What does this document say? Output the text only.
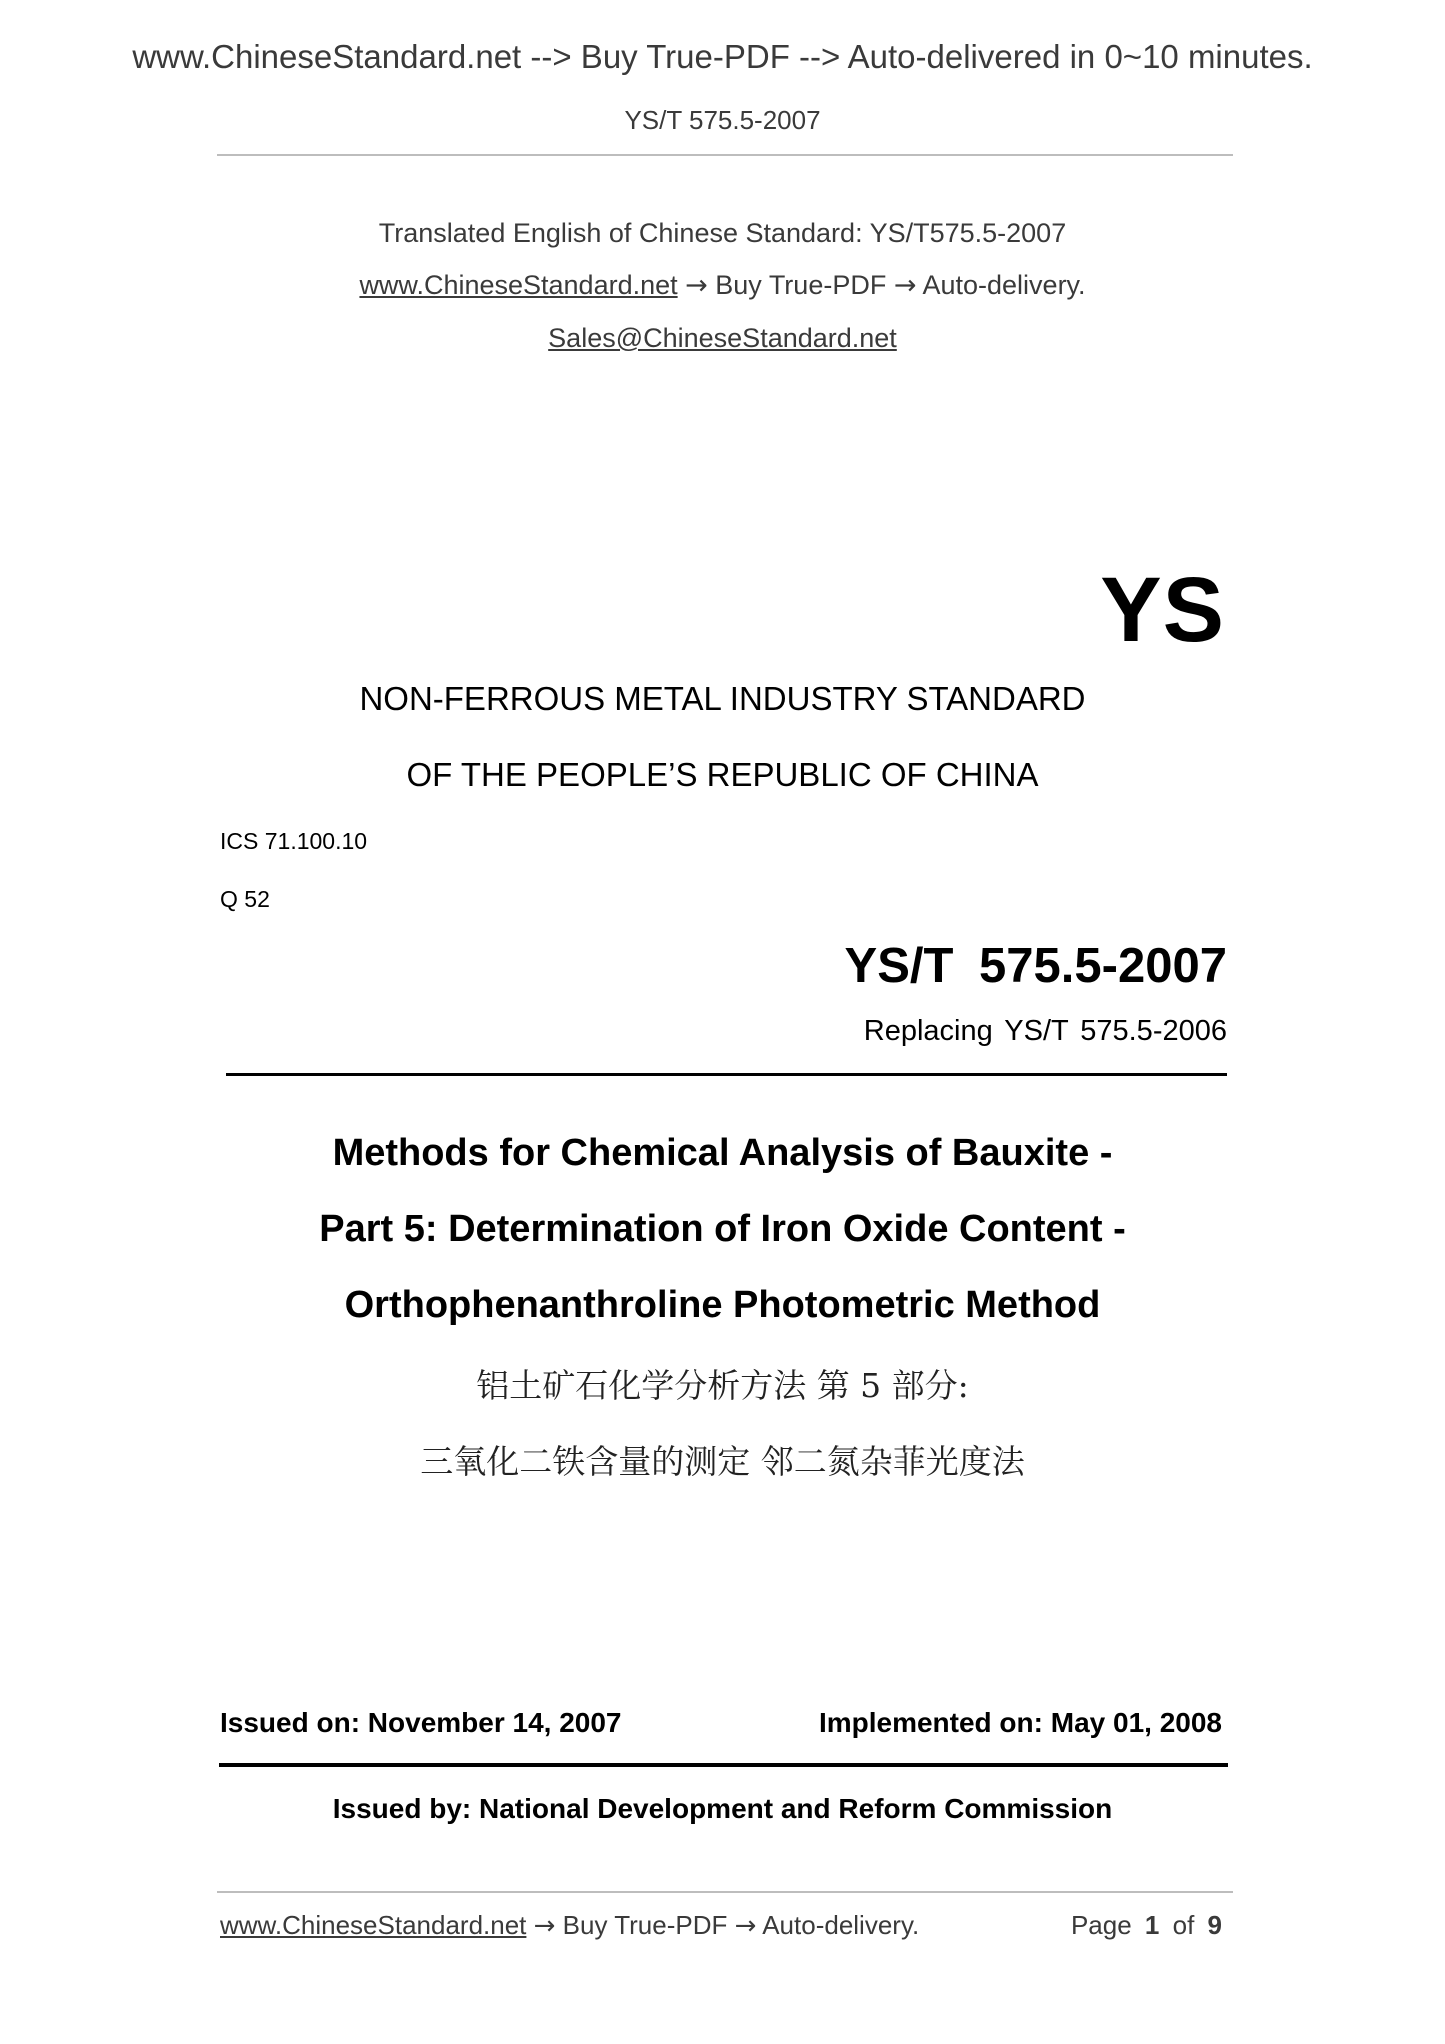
www.ChineseStandard.net --> Buy True-PDF --> Auto-delivered in 0~10 minutes.
YS/T 575.5-2007
Translated English of Chinese Standard: YS/T575.5-2007
www.ChineseStandard.net → Buy True-PDF → Auto-delivery.
Sales@ChineseStandard.net
YS
NON-FERROUS METAL INDUSTRY STANDARD
OF THE PEOPLE’S REPUBLIC OF CHINA
ICS 71.100.10
Q 52
YS/T 575.5-2007
Replacing YS/T 575.5-2006
Methods for Chemical Analysis of Bauxite -
Part 5: Determination of Iron Oxide Content -
Orthophenanthroline Photometric Method
铝土矿石化学分析方法 第 5 部分:
三氧化二铁含量的测定 邻二氮杂菲光度法
Issued on: November 14, 2007	Implemented on: May 01, 2008
Issued by: National Development and Reform Commission
www.ChineseStandard.net → Buy True-PDF → Auto-delivery.	Page 1 of 9
